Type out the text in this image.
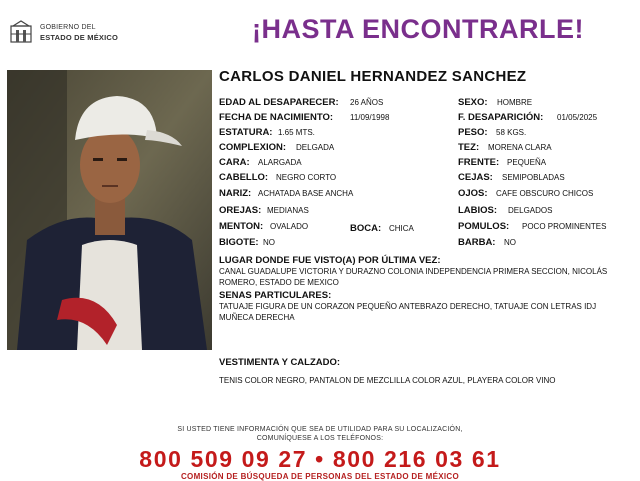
GOBIERNO DEL
ESTADO DE MÉXICO	¡HASTA ENCONTRARLE!
CARLOS DANIEL HERNANDEZ SANCHEZ
EDAD AL DESAPARECER: 26 AÑOS
FECHA DE NACIMIENTO: 11/09/1998
ESTATURA: 1.65 MTS.
COMPLEXION: DELGADA
CARA: ALARGADA
CABELLO: NEGRO CORTO
NARIZ: ACHATADA BASE ANCHA
OREJAS: MEDIANAS
MENTON: OVALADO	BOCA: CHICA
BIGOTE: NO
SEXO: HOMBRE
F. DESAPARICIÓN: 01/05/2025
PESO: 58 KGS.
TEZ: MORENA CLARA
FRENTE: PEQUEÑA
CEJAS: SEMIPOBLADAS
OJOS: CAFE OBSCURO CHICOS
LABIOS: DELGADOS
POMULOS: POCO PROMINENTES
BARBA: NO
LUGAR DONDE FUE VISTO(A) POR ÚLTIMA VEZ:
CANAL GUADALUPE VICTORIA Y DURAZNO COLONIA INDEPENDENCIA PRIMERA SECCION, NICOLÁS ROMERO, ESTADO DE MEXICO
SENAS PARTICULARES:
TATUAJE FIGURA DE UN CORAZON PEQUEÑO ANTEBRAZO DERECHO, TATUAJE CON LETRAS IDJ MUÑECA DERECHA
VESTIMENTA Y CALZADO:
TENIS COLOR NEGRO, PANTALON DE MEZCLILLA COLOR AZUL, PLAYERA COLOR VINO
SI USTED TIENE INFORMACIÓN QUE SEA DE UTILIDAD PARA SU LOCALIZACIÓN,
COMUNÍQUESE A LOS TELÉFONOS:
800 509 09 27 • 800 216 03 61
COMISIÓN DE BÚSQUEDA DE PERSONAS DEL ESTADO DE MÉXICO
